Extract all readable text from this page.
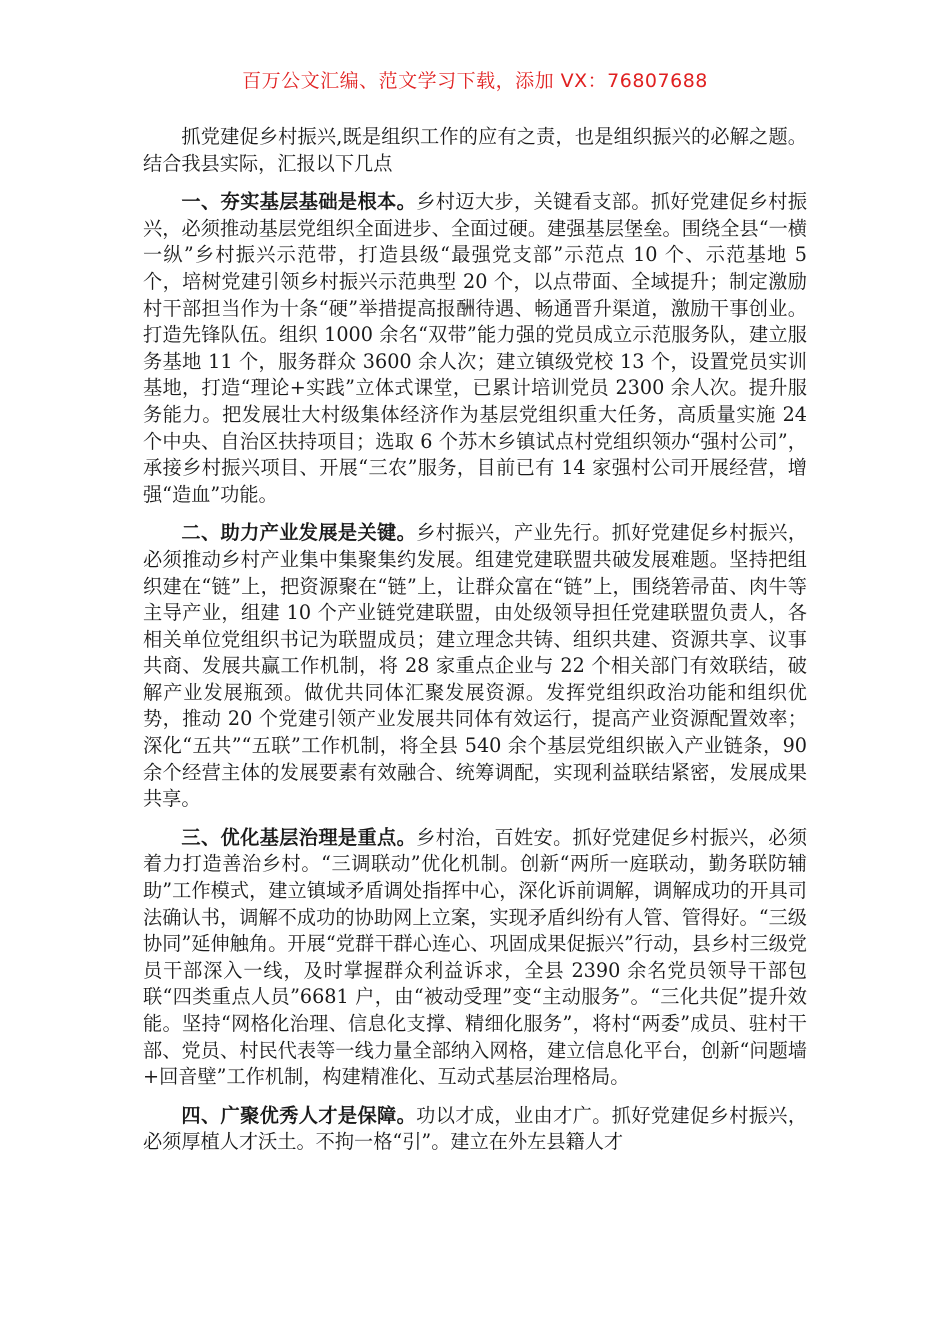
百万公文汇编、范文学习下载，添加 VX：76807688

抓党建促乡村振兴,既是组织工作的应有之责，也是组织振兴的必解之题。结合我县实际，汇报以下几点

一、夯实基层基础是根本。乡村迈大步，关键看支部。抓好党建促乡村振兴，必须推动基层党组织全面进步、全面过硬。建强基层堡垒。围绕全县“一横一纵”乡村振兴示范带，打造县级“最强党支部”示范点 10 个、示范基地 5 个，培树党建引领乡村振兴示范典型 20 个，以点带面、全域提升；制定激励村干部担当作为十条“硬”举措提高报酬待遇、畅通晋升渠道，激励干事创业。打造先锋队伍。组织 1000 余名“双带”能力强的党员成立示范服务队，建立服务基地 11 个，服务群众 3600 余人次；建立镇级党校 13 个，设置党员实训基地，打造“理论+实践”立体式课堂，已累计培训党员 2300 余人次。提升服务能力。把发展壮大村级集体经济作为基层党组织重大任务，高质量实施 24 个中央、自治区扶持项目；选取 6 个苏木乡镇试点村党组织领办“强村公司”，承接乡村振兴项目、开展“三农”服务，目前已有 14 家强村公司开展经营，增强“造血”功能。

二、助力产业发展是关键。乡村振兴，产业先行。抓好党建促乡村振兴，必须推动乡村产业集中集聚集约发展。组建党建联盟共破发展难题。坚持把组织建在“链”上，把资源聚在“链”上，让群众富在“链”上，围绕箬帚苗、肉牛等主导产业，组建 10 个产业链党建联盟，由处级领导担任党建联盟负责人，各相关单位党组织书记为联盟成员；建立理念共铸、组织共建、资源共享、议事共商、发展共赢工作机制，将 28 家重点企业与 22 个相关部门有效联结，破解产业发展瓶颈。做优共同体汇聚发展资源。发挥党组织政治功能和组织优势，推动 20 个党建引领产业发展共同体有效运行，提高产业资源配置效率；深化“五共”“五联”工作机制，将全县 540 余个基层党组织嵌入产业链条，90 余个经营主体的发展要素有效融合、统筹调配，实现利益联结紧密，发展成果共享。

三、优化基层治理是重点。乡村治，百姓安。抓好党建促乡村振兴，必须着力打造善治乡村。“三调联动”优化机制。创新“两所一庭联动，勤务联防辅助”工作模式，建立镇域矛盾调处指挥中心，深化诉前调解，调解成功的开具司法确认书，调解不成功的协助网上立案，实现矛盾纠纷有人管、管得好。“三级协同”延伸触角。开展“党群干群心连心、巩固成果促振兴”行动，县乡村三级党员干部深入一线，及时掌握群众利益诉求，全县 2390 余名党员领导干部包联“四类重点人员”6681 户，由“被动受理”变“主动服务”。“三化共促”提升效能。坚持“网格化治理、信息化支撑、精细化服务”，将村“两委”成员、驻村干部、党员、村民代表等一线力量全部纳入网格，建立信息化平台，创新“问题墙+回音壁”工作机制，构建精准化、互动式基层治理格局。

四、广聚优秀人才是保障。功以才成，业由才广。抓好党建促乡村振兴，必须厚植人才沃土。不拘一格“引”。建立在外左县籍人才
